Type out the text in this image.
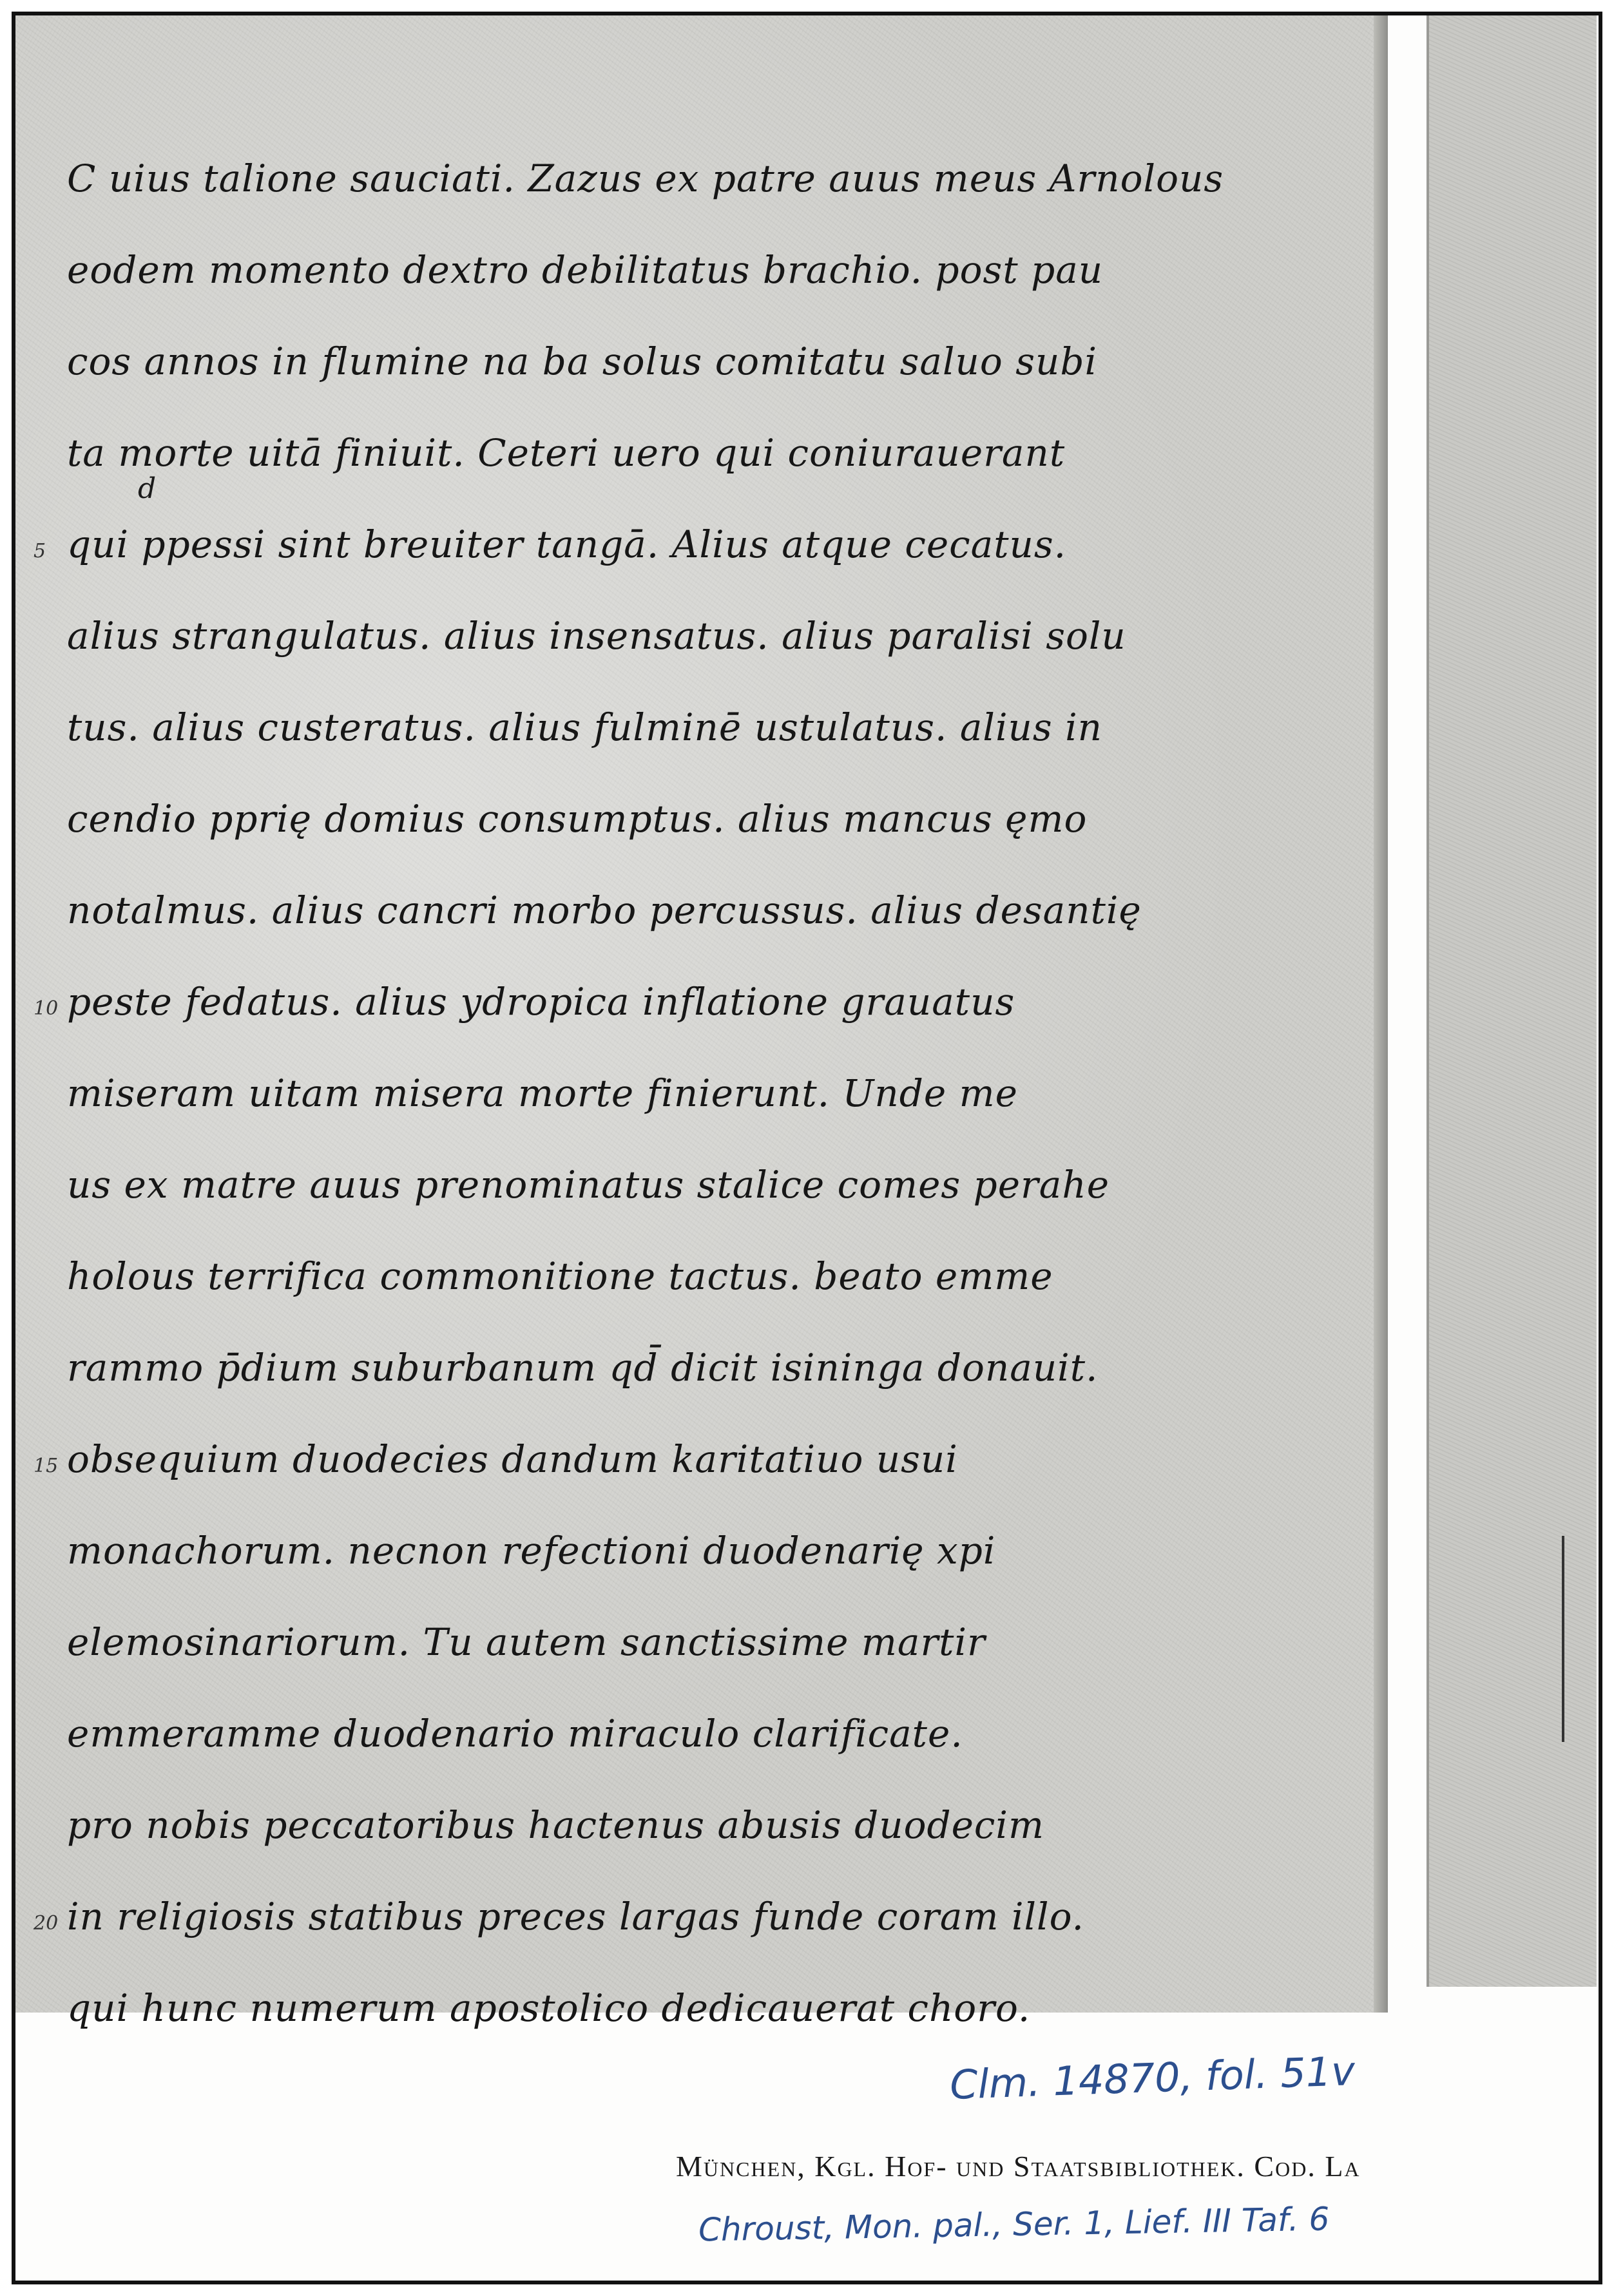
C uius talione sauciati. Zazus ex patre auus meus Arnolous
eodem momento dextro debilitatus brachio. post pau
cos annos in flumine na ba solus comitatu saluo subi
ta morte uitā finiuit. Ceteri uero qui coniurauerant
qui ppessi sint breuiter tangā. Alius atque cecatus.
5
d
alius strangulatus. alius insensatus. alius paralisi solu
tus. alius custeratus. alius fulminē ustulatus. alius in
cendio pprię domius consumptus. alius mancus ęmo
notalmus. alius cancri morbo percussus. alius desantię
peste fedatus. alius ydropica inflatione grauatus
10
miseram uitam misera morte finierunt. Unde me
us ex matre auus prenominatus stalice comes perahe
holous terrifica commonitione tactus. beato emme
rammo p̄dium suburbanum qd̄ dicit isininga donauit.
obsequium duodecies dandum karitatiuo usui
15
monachorum. necnon refectioni duodenarię xpi
elemosinariorum. Tu autem sanctissime martir
emmeramme duodenario miraculo clarificate.
pro nobis peccatoribus hactenus abusis duodecim
in religiosis statibus preces largas funde coram illo.
20
qui hunc numerum apostolico dedicauerat choro.
Clm. 14870, fol. 51v
München, Kgl. Hof- und Staatsbibliothek. Cod. La
Chroust, Mon. pal., Ser. 1, Lief. III Taf. 6
